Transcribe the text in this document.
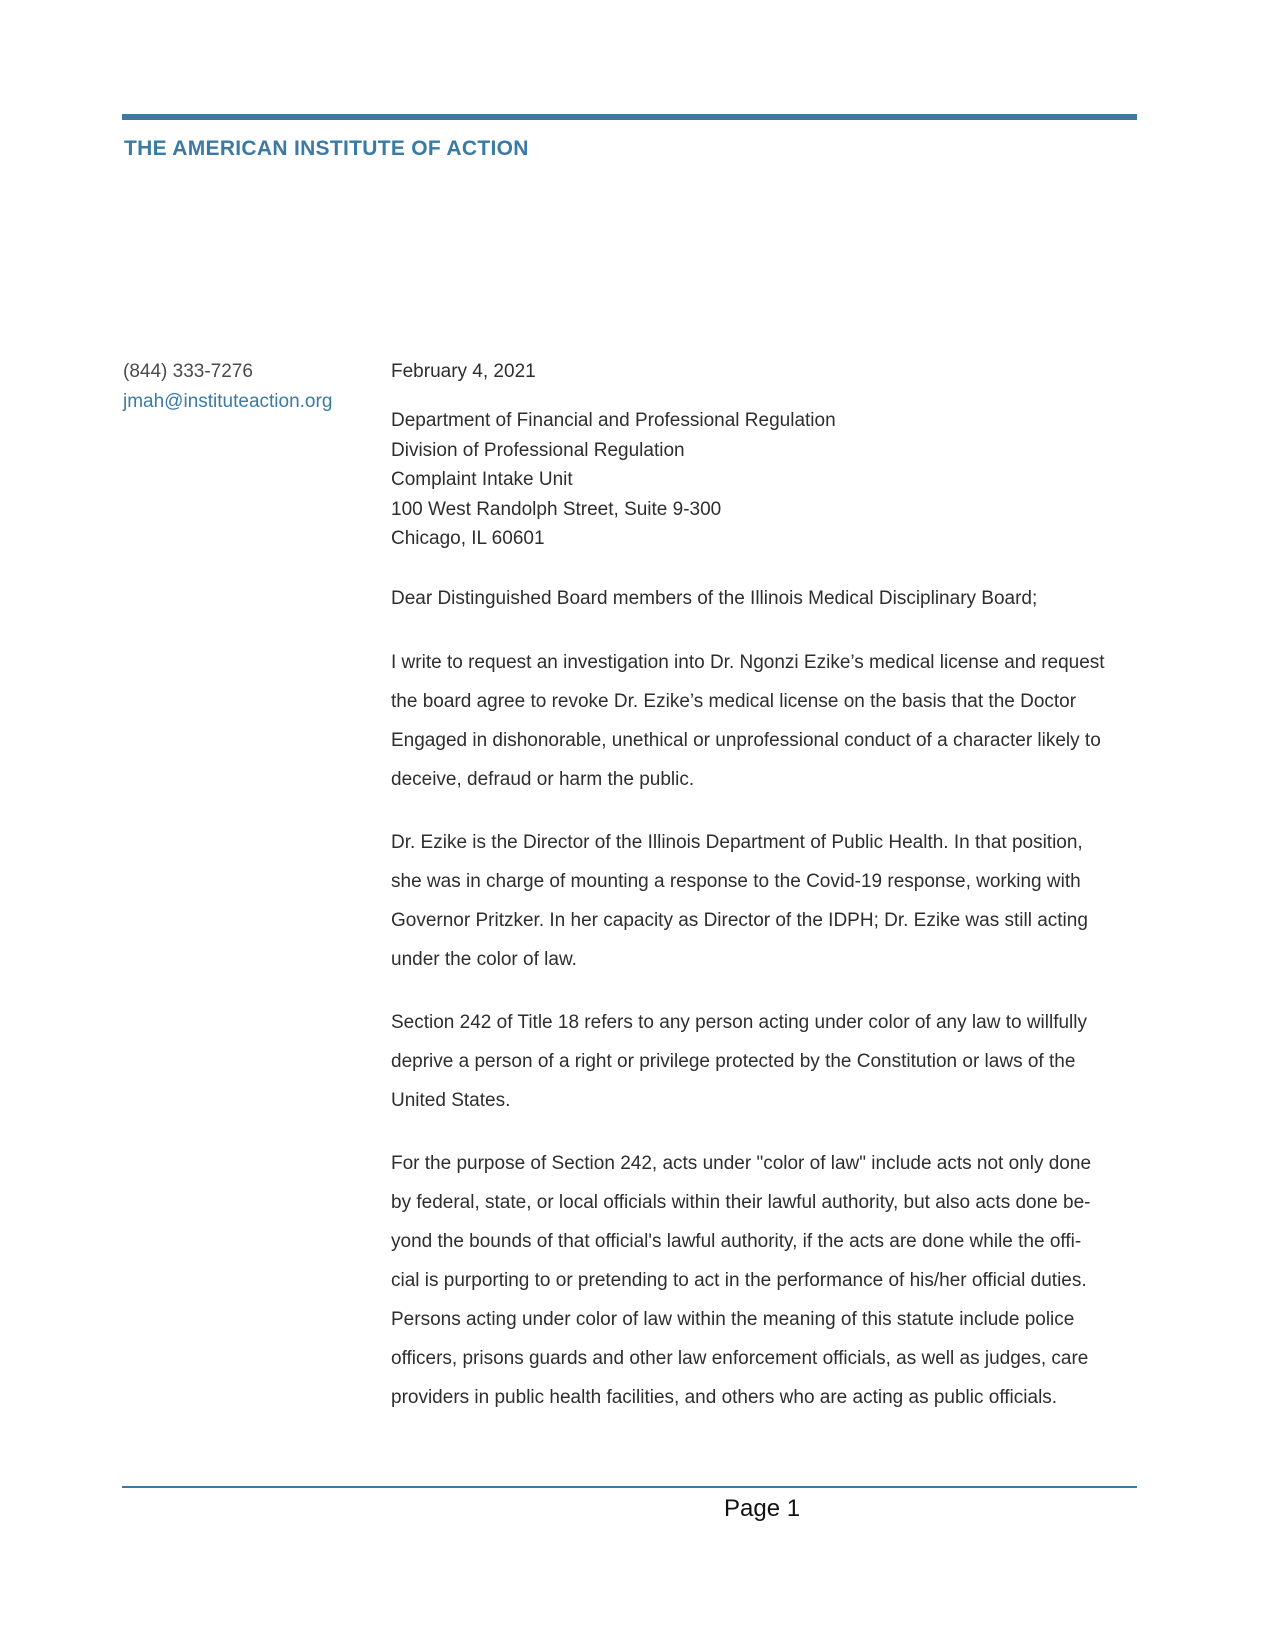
THE AMERICAN INSTITUTE OF ACTION
(844) 333-7276
jmah@instituteaction.org
February 4, 2021
Department of Financial and Professional Regulation
Division of Professional Regulation
Complaint Intake Unit
100 West Randolph Street, Suite 9-300
Chicago, IL 60601
Dear Distinguished Board members of the Illinois Medical Disciplinary Board;
I write to request an investigation into Dr. Ngonzi Ezike’s medical license and request
the board agree to revoke Dr. Ezike’s medical license on the basis that the Doctor
Engaged in dishonorable, unethical or unprofessional conduct of a character likely to
deceive, defraud or harm the public.
Dr. Ezike is the Director of the Illinois Department of Public Health. In that position,
she was in charge of mounting a response to the Covid-19 response, working with
Governor Pritzker. In her capacity as Director of the IDPH; Dr. Ezike was still acting
under the color of law.
Section 242 of Title 18 refers to any person acting under color of any law to willfully
deprive a person of a right or privilege protected by the Constitution or laws of the
United States.
For the purpose of Section 242, acts under "color of law" include acts not only done
by federal, state, or local officials within their lawful authority, but also acts done be-
yond the bounds of that official's lawful authority, if the acts are done while the offi-
cial is purporting to or pretending to act in the performance of his/her official duties.
Persons acting under color of law within the meaning of this statute include police
officers, prisons guards and other law enforcement officials, as well as judges, care
providers in public health facilities, and others who are acting as public officials.
Page 1
